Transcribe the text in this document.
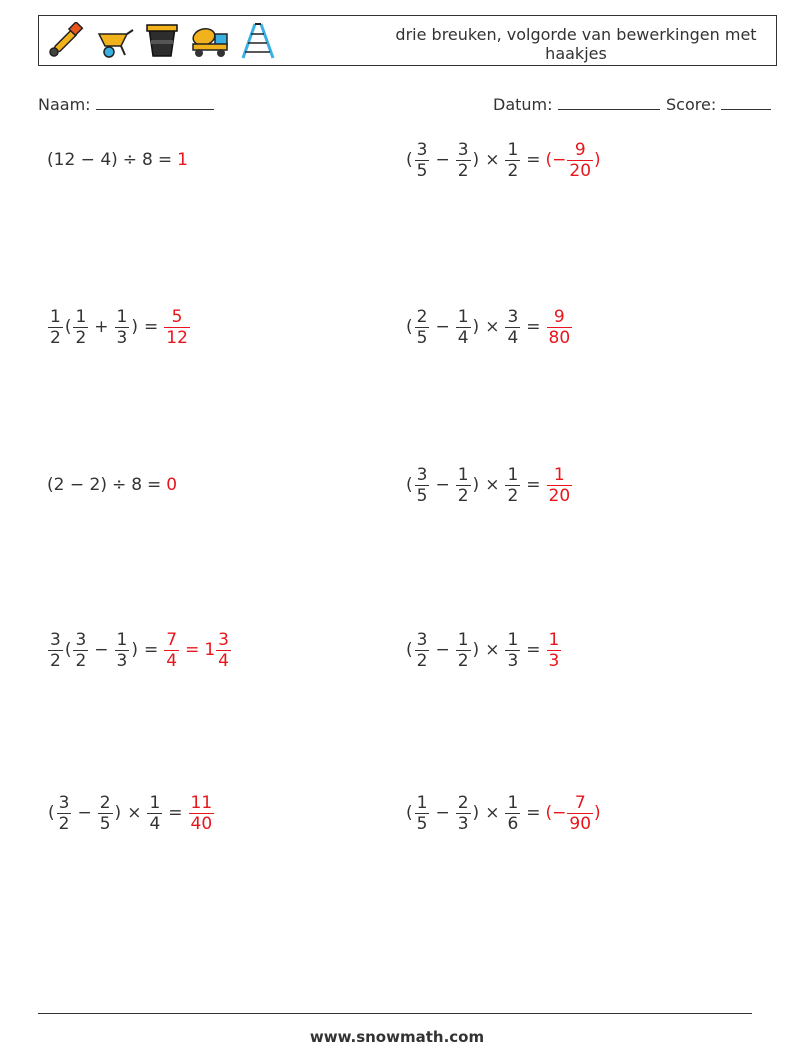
drie breuken, volgorde van bewerkingen met haakjes
Naam:	Datum:	Score:
(12 − 4) ÷ 8 = 1	( $\frac{3}{5} - \frac{3}{2}$ ) × $\frac{1}{2}$ = (− $\frac{9}{20}$ )
$\frac{1}{2}$ ( $\frac{1}{2} + \frac{1}{3}$ ) = $\frac{5}{12}$	( $\frac{2}{5} - \frac{1}{4}$ ) × $\frac{3}{4} = \frac{9}{80}$
(2 − 2) ÷ 8 = 0	( $\frac{3}{5} - \frac{1}{2}$ ) × $\frac{1}{2} = \frac{1}{20}$
$\frac{3}{2}$ ( $\frac{3}{2} - \frac{1}{3}$ ) = $\frac{7}{4} = 1 \frac{3}{4}$	( $\frac{3}{2} - \frac{1}{2}$ ) × $\frac{1}{3} = \frac{1}{3}$
( $\frac{3}{2} - \frac{2}{5}$ ) × $\frac{1}{4} = \frac{11}{40}$	( $\frac{1}{5} - \frac{2}{3}$ ) × $\frac{1}{6}$ = (− $\frac{7}{90}$ )
www.snowmath.com
